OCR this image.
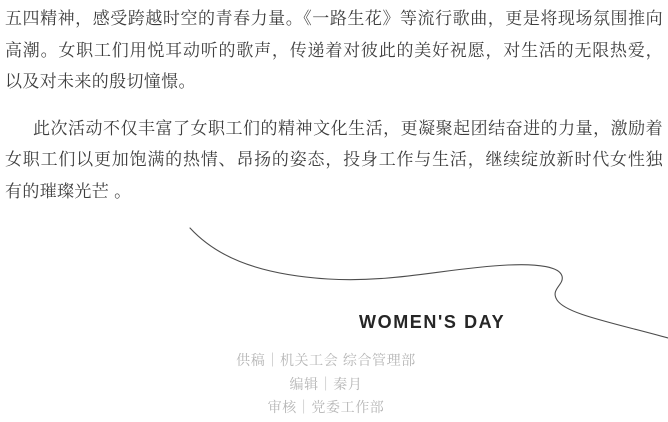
五四精神，感受跨越时空的青春力量。《一路生花》等流行歌曲，更是将现场氛围推向高潮。女职工们用悦耳动听的歌声，传递着对彼此的美好祝愿，对生活的无限热爱，以及对未来的殷切憧憬。

此次活动不仅丰富了女职工们的精神文化生活，更凝聚起团结奋进的力量，激励着女职工们以更加饱满的热情、昂扬的姿态，投身工作与生活，继续绽放新时代女性独有的璀璨光芒 。

WOMEN'S DAY
供稿｜机关工会 综合管理部
编辑｜秦月
审核｜党委工作部
